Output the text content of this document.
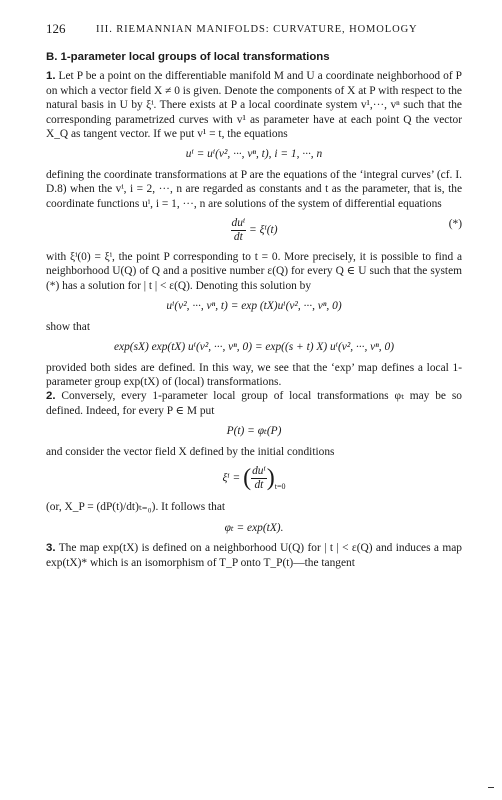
126	III. RIEMANNIAN MANIFOLDS: CURVATURE, HOMOLOGY
B. 1-parameter local groups of local transformations

1. Let P be a point on the differentiable manifold M and U a coordinate neighborhood of P on which a vector field X ≠ 0 is given. Denote the components of X at P with respect to the natural basis in U by ξⁱ. There exists at P a local coordinate system v¹,···, vⁿ such that the corresponding parametrized curves with v¹ as parameter have at each point Q the vector X_Q as tangent vector. If we put v¹ = t, the equations

uⁱ = uⁱ(v², ···, vⁿ, t), i = 1, ···, n

defining the coordinate transformations at P are the equations of the ‘integral curves’ (cf. I. D.8) when the vⁱ, i = 2, ···, n are regarded as constants and t as the parameter, that is, the coordinate functions uⁱ, i = 1, ···, n are solutions of the system of differential equations

$\frac{\text{duⁱ}}{dt} = \xi^i(t)$
(*)

with ξⁱ(0) = ξⁱ, the point P corresponding to t = 0. More precisely, it is possible to find a neighborhood U(Q) of Q and a positive number ε(Q) for every Q ∈ U such that the system (*) has a solution for | t | < ε(Q). Denoting this solution by

uⁱ(v², ···, vⁿ, t) = exp (tX)uⁱ(v², ···, vⁿ, 0)

show that

exp(sX) exp(tX) uⁱ(v², ···, vⁿ, 0) = exp((s + t) X) uⁱ(v², ···, vⁿ, 0)

provided both sides are defined. In this way, we see that the ‘exp’ map defines a local 1-parameter group exp(tX) of (local) transformations.

2. Conversely, every 1-parameter local group of local transformations φₜ may be so defined. Indeed, for every P ∈ M put

P(t) = φₜ(P)

and consider the vector field X defined by the initial conditions

ξⁱ = ( $\frac{\text{duⁱ}}{dt} )_{t=0}$

(or, X_P = (dP(t)/dt)ₜ₌₀). It follows that

φₜ = exp(tX).

3. The map exp(tX) is defined on a neighborhood U(Q) for | t | < ε(Q) and induces a map exp(tX)* which is an isomorphism of T_P onto T_P(t)—the tangent
